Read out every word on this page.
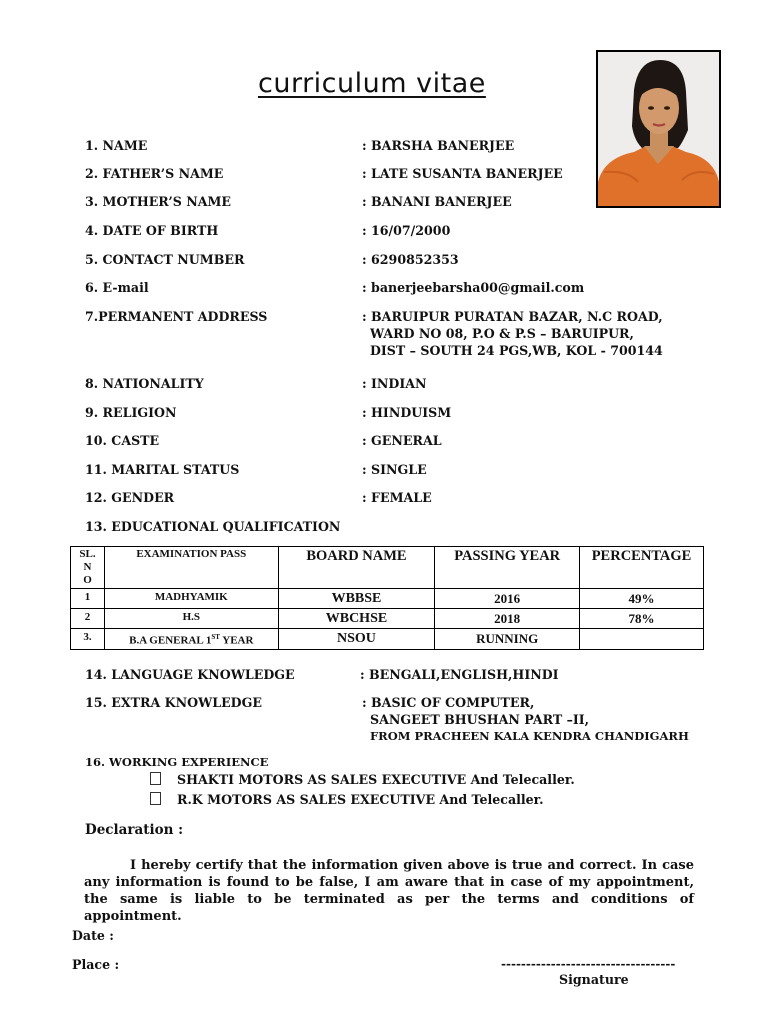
curriculum vitae
1. NAME	: BARSHA BANERJEE
2. FATHER’S NAME	: LATE SUSANTA BANERJEE
3. MOTHER’S NAME	: BANANI BANERJEE
4. DATE OF BIRTH	: 16/07/2000
5. CONTACT NUMBER	: 6290852353
6. E-mail	: banerjeebarsha00@gmail.com
7.PERMANENT ADDRESS	: BARUIPUR PURATAN BAZAR, N.C ROAD,
WARD NO 08, P.O & P.S – BARUIPUR,
DIST – SOUTH 24 PGS,WB, KOL - 700144
8. NATIONALITY	: INDIAN
9. RELIGION	: HINDUISM
10. CASTE	: GENERAL
11. MARITAL STATUS	: SINGLE
12. GENDER	: FEMALE
13. EDUCATIONAL QUALIFICATION
SL.
N
O	EXAMINATION PASS	BOARD NAME	PASSING YEAR	PERCENTAGE
1	MADHYAMIK	WBBSE	2016	49%
2	H.S	WBCHSE	2018	78%
3.	B.A GENERAL 1ST YEAR	NSOU	RUNNING	
14. LANGUAGE KNOWLEDGE	: BENGALI,ENGLISH,HINDI
15. EXTRA KNOWLEDGE	: BASIC OF COMPUTER,
SANGEET BHUSHAN PART –II,
FROM PRACHEEN KALA KENDRA CHANDIGARH
16. WORKING EXPERIENCE
SHAKTI MOTORS AS SALES EXECUTIVE And Telecaller.
R.K MOTORS AS SALES EXECUTIVE And Telecaller.
Declaration :
I hereby certify that the information given above is true and correct. In case any information is found to be false, I am aware that in case of my appointment, the same is liable to be terminated as per the terms and conditions of appointment.
Date :
Place :	-----------------------------------
Signature
